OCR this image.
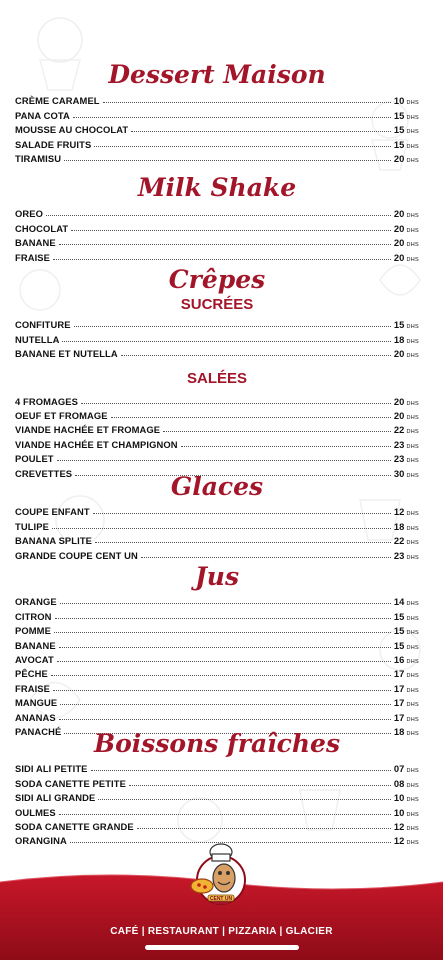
Dessert Maison
CRÈME CARAMEL	10 DHS
PANA COTA	15 DHS
MOUSSE AU CHOCOLAT	15 DHS
SALADE FRUITS	15 DHS
TIRAMISU	20 DHS
Milk Shake
OREO	20 DHS
CHOCOLAT	20 DHS
BANANE	20 DHS
FRAISE	20 DHS
Crêpes
SUCRÉES
CONFITURE	15 DHS
NUTELLA	18 DHS
BANANE ET NUTELLA	20 DHS
SALÉES
4 FROMAGES	20 DHS
OEUF ET FROMAGE	20 DHS
VIANDE HACHÉE ET FROMAGE	22 DHS
VIANDE HACHÉE ET CHAMPIGNON	23 DHS
POULET	23 DHS
CREVETTES	30 DHS
Glaces
COUPE ENFANT	12 DHS
TULIPE	18 DHS
BANANA SPLITE	22 DHS
GRANDE COUPE CENT UN	23 DHS
Jus
ORANGE	14 DHS
CITRON	15 DHS
POMME	15 DHS
BANANE	15 DHS
AVOCAT	16 DHS
PÊCHE	17 DHS
FRAISE	17 DHS
MANGUE	17 DHS
ANANAS	17 DHS
PANACHÉ	18 DHS
Boissons fraîches
SIDI ALI PETITE	07 DHS
SODA CANETTE PETITE	08 DHS
SIDI ALI GRANDE	10 DHS
OULMES	10 DHS
SODA CANETTE GRANDE	12 DHS
ORANGINA	12 DHS
CENT UN
CAFÉ | RESTAURANT | PIZZARIA | GLACIER
